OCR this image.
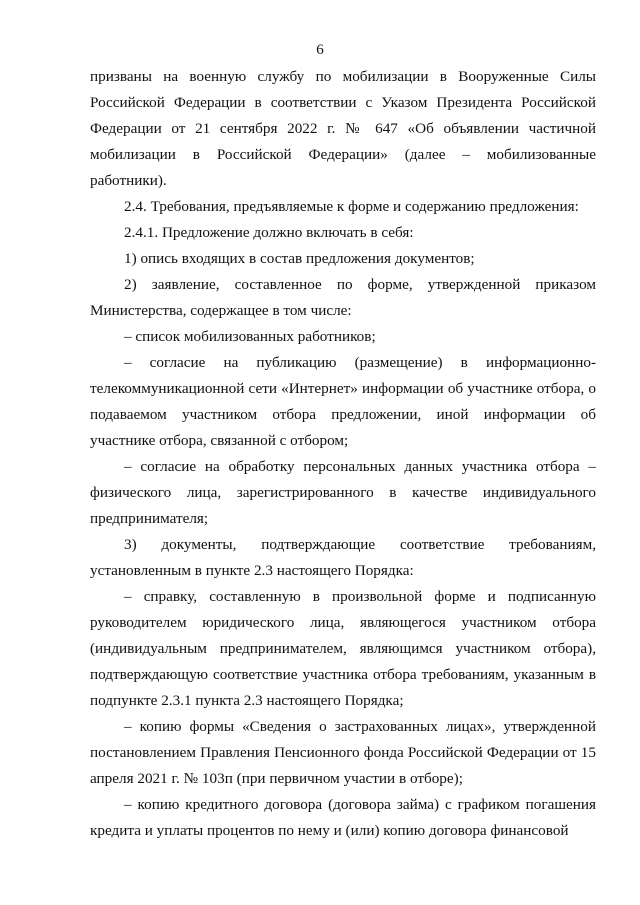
6

призваны на военную службу по мобилизации в Вооруженные Силы Российской Федерации в соответствии с Указом Президента Российской Федерации от 21 сентября 2022 г. № 647 «Об объявлении частичной мобилизации в Российской Федерации» (далее – мобилизованные работники).

2.4. Требования, предъявляемые к форме и содержанию предложения:

2.4.1. Предложение должно включать в себя:

1) опись входящих в состав предложения документов;

2) заявление, составленное по форме, утвержденной приказом Министерства, содержащее в том числе:

– список мобилизованных работников;

– согласие на публикацию (размещение) в информационно-телекоммуникационной сети «Интернет» информации об участнике отбора, о подаваемом участником отбора предложении, иной информации об участнике отбора, связанной с отбором;

– согласие на обработку персональных данных участника отбора – физического лица, зарегистрированного в качестве индивидуального предпринимателя;

3) документы, подтверждающие соответствие требованиям, установленным в пункте 2.3 настоящего Порядка:

– справку, составленную в произвольной форме и подписанную руководителем юридического лица, являющегося участником отбора (индивидуальным предпринимателем, являющимся участником отбора), подтверждающую соответствие участника отбора требованиям, указанным в подпункте 2.3.1 пункта 2.3 настоящего Порядка;

– копию формы «Сведения о застрахованных лицах», утвержденной постановлением Правления Пенсионного фонда Российской Федерации от 15 апреля 2021 г. № 103п (при первичном участии в отборе);

– копию кредитного договора (договора займа) с графиком погашения кредита и уплаты процентов по нему и (или) копию договора финансовой
